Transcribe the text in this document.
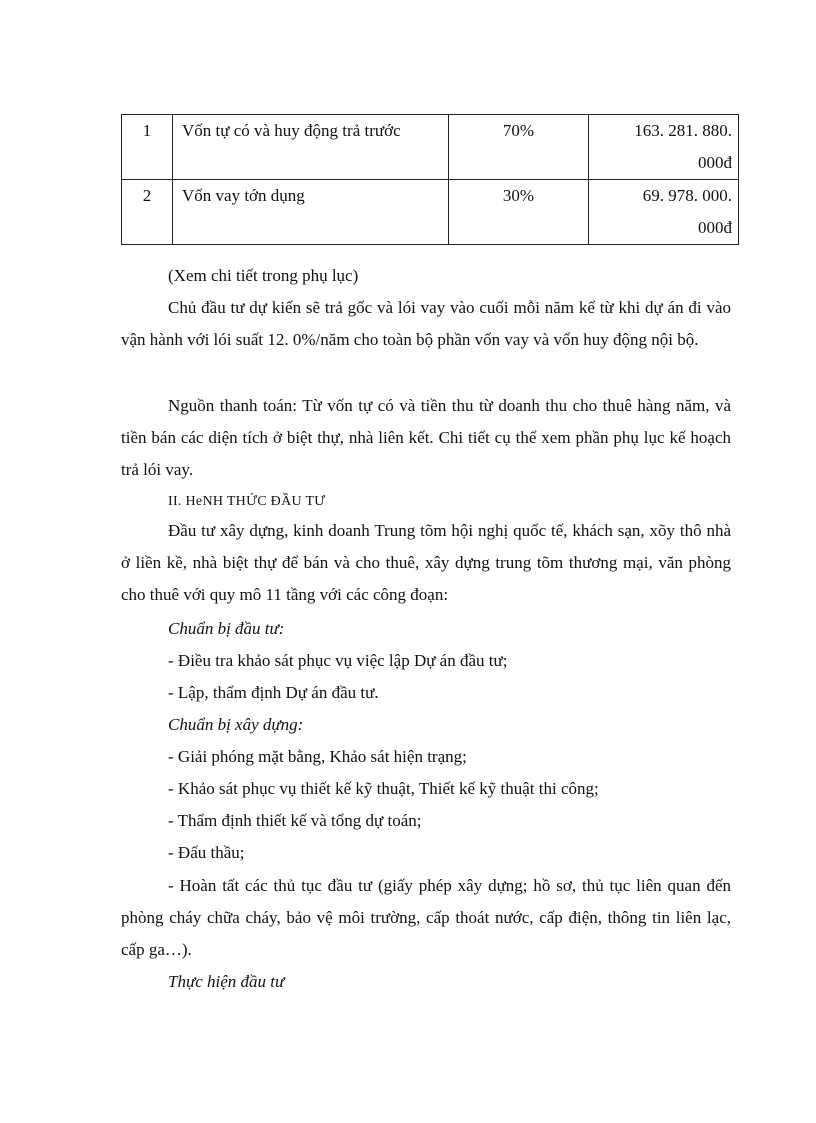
1	Vốn tự có và huy động trả trước	70%	163. 281. 880.
000đ

2	Vốn vay tớn dụng	30%	69. 978. 000.
000đ

(Xem chi tiết trong phụ lục)

Chủ đầu tư dự kiến sẽ trả gốc và lói vay vào cuối mỗi năm kể từ khi dự án đi vào vận hành với lói suất 12. 0%/năm cho toàn bộ phần vốn vay và vốn huy động nội bộ.

Nguồn thanh toán: Từ vốn tự có và tiền thu từ doanh thu cho thuê hàng năm, và tiền bán các diện tích ở biệt thự, nhà liên kết. Chi tiết cụ thể xem phần phụ lục kế hoạch trả lói vay.

II. HeNH THỨC ĐẦU TƯ

Đầu tư xây dựng, kinh doanh Trung tõm hội nghị quốc tế, khách sạn, xõy thô nhà ở liền kề, nhà biệt thự để bán và cho thuê, xây dựng trung tõm thương mại, văn phòng cho thuê với quy mô 11 tầng với các công đoạn:

Chuẩn bị đầu tư:

- Điều tra khảo sát phục vụ việc lập Dự án đầu tư;

- Lập, thẩm định Dự án đầu tư.

Chuẩn bị xây dựng:

- Giải phóng mặt bằng, Khảo sát hiện trạng;

- Khảo sát phục vụ thiết kế kỹ thuật, Thiết kế kỹ thuật thi công;

- Thẩm định thiết kế và tổng dự toán;

- Đấu thầu;

- Hoàn tất các thủ tục đầu tư (giấy phép xây dựng; hồ sơ, thủ tục liên quan đến phòng cháy chữa cháy, bảo vệ môi trường, cấp thoát nước, cấp điện, thông tin liên lạc, cấp ga…).

Thực hiện đầu tư
